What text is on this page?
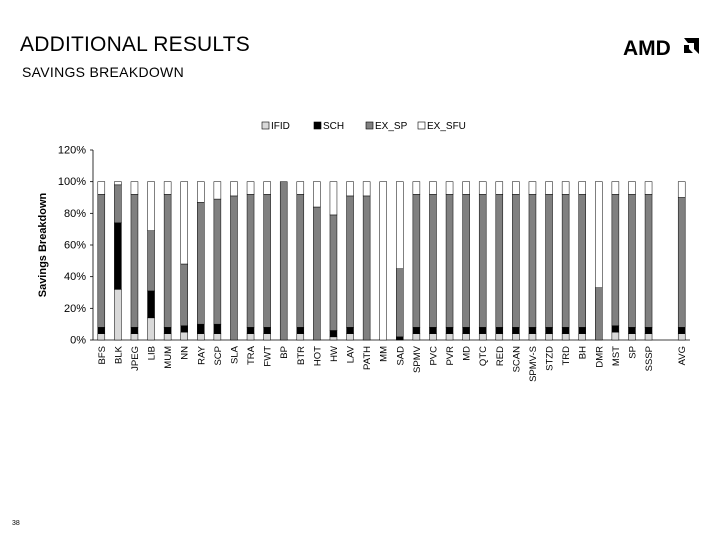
ADDITIONAL RESULTS
SAVINGS BREAKDOWN
AMD
0%
20%
40%
60%
80%
100%
120%
Savings Breakdown
BFS BLK JPEG LIB MUM NN RAY SCP SLA TRA FWT BP BTR HOT HW LAV PATH MM SAD SPMV PVC PVR MD QTC RED SCAN SPMV-S STZD TRD BH DMR MST SP SSSP AVG
IFID	SCH	EX_SP EX_SFU
38
